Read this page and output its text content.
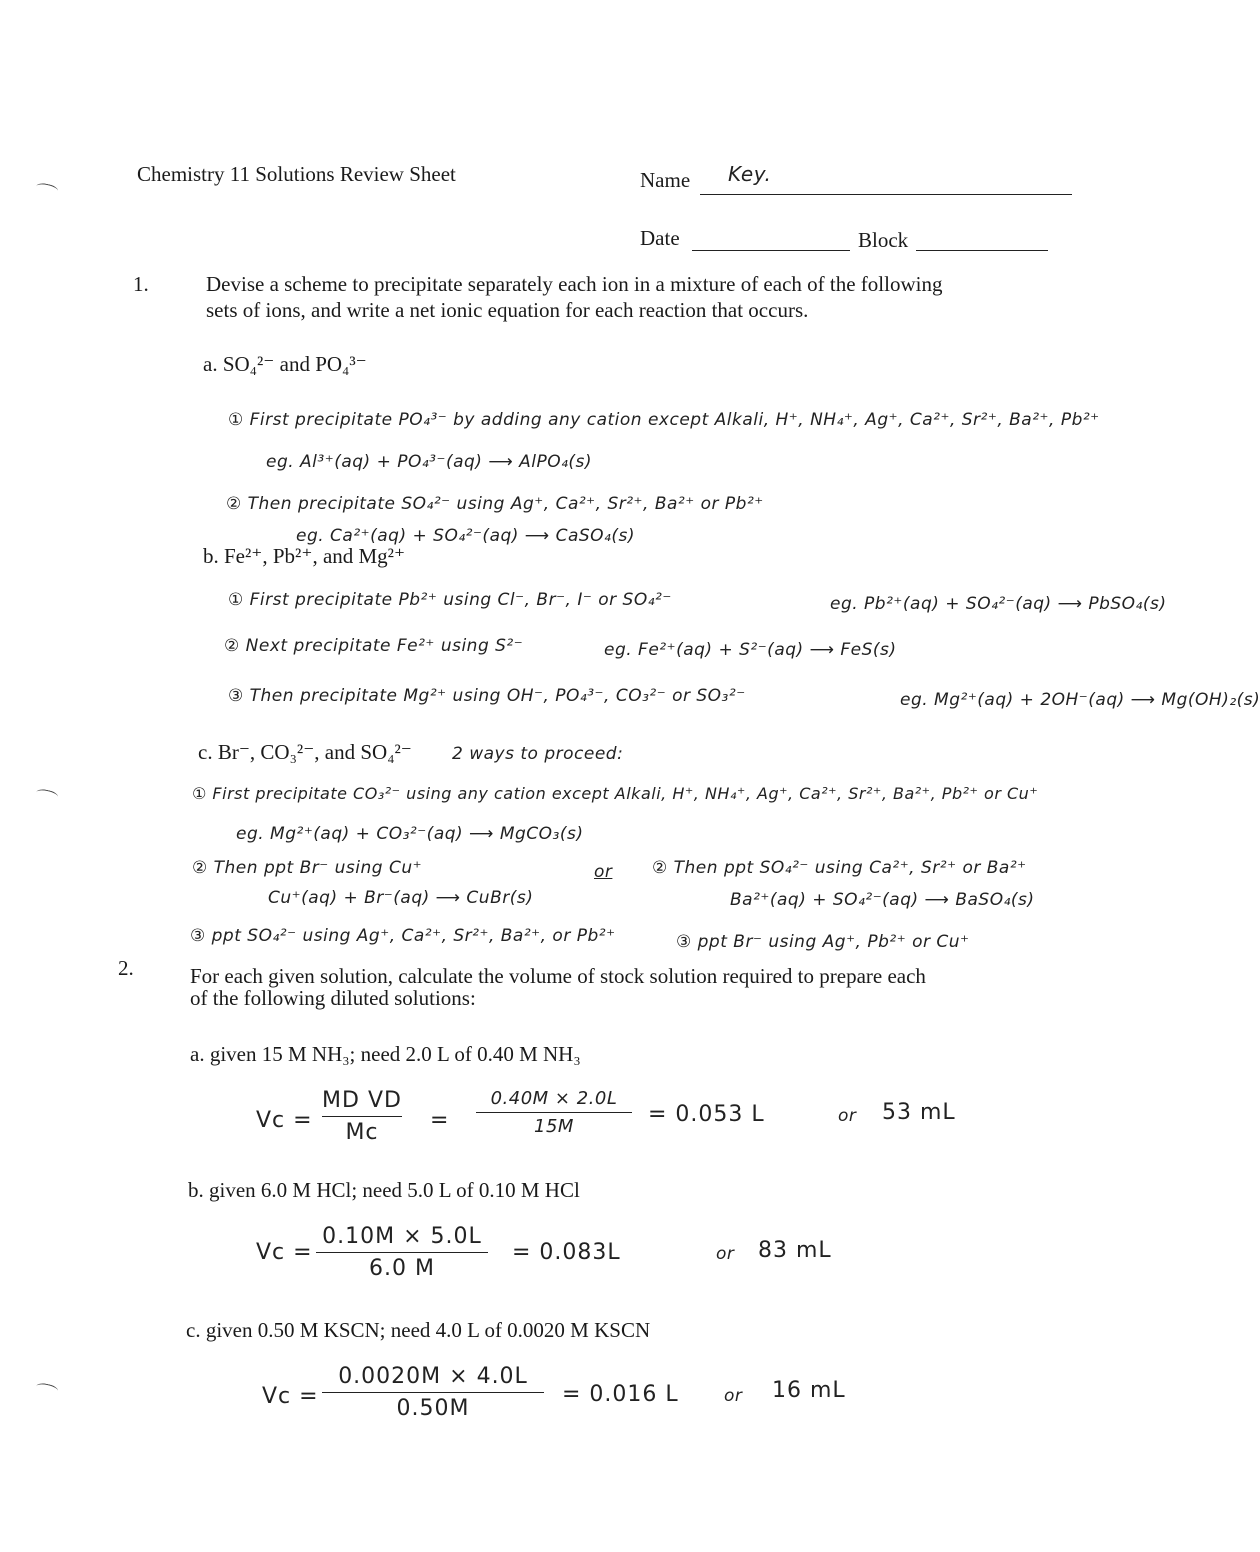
Chemistry 11 Solutions Review Sheet	Name Key.
Date	Block
1.	Devise a scheme to precipitate separately each ion in a mixture of each of the following
sets of ions, and write a net ionic equation for each reaction that occurs.
a. SO₄²⁻ and PO₄³⁻
① First precipitate PO₄³⁻ by adding any cation except Alkali, H⁺, NH₄⁺, Ag⁺, Ca²⁺, Sr²⁺, Ba²⁺, Pb²⁺
eg. Al³⁺(aq) + PO₄³⁻(aq) ⟶ AlPO₄(s)
② Then precipitate SO₄²⁻ using Ag⁺, Ca²⁺, Sr²⁺, Ba²⁺ or Pb²⁺
eg. Ca²⁺(aq) + SO₄²⁻(aq) ⟶ CaSO₄(s)
b. Fe²⁺, Pb²⁺, and Mg²⁺
① First precipitate Pb²⁺ using Cl⁻, Br⁻, I⁻ or SO₄²⁻	eg. Pb²⁺(aq) + SO₄²⁻(aq) ⟶ PbSO₄(s)
② Next precipitate Fe²⁺ using S²⁻	eg. Fe²⁺(aq) + S²⁻(aq) ⟶ FeS(s)
③ Then precipitate Mg²⁺ using OH⁻, PO₄³⁻, CO₃²⁻ or SO₃²⁻	eg. Mg²⁺(aq) + 2OH⁻(aq) ⟶ Mg(OH)₂(s)
c. Br⁻, CO₃²⁻, and SO₄²⁻ 2 ways to proceed:
① First precipitate CO₃²⁻ using any cation except Alkali, H⁺, NH₄⁺, Ag⁺, Ca²⁺, Sr²⁺, Ba²⁺, Pb²⁺ or Cu⁺
eg. Mg²⁺(aq) + CO₃²⁻(aq) ⟶ MgCO₃(s)
② Then ppt Br⁻ using Cu⁺
Cu⁺(aq) + Br⁻(aq) ⟶ CuBr(s)
or ② Then ppt SO₄²⁻ using Ca²⁺, Sr²⁺ or Ba²⁺
Ba²⁺(aq) + SO₄²⁻(aq) ⟶ BaSO₄(s)
③ ppt SO₄²⁻ using Ag⁺, Ca²⁺, Sr²⁺, Ba²⁺, or Pb²⁺	③ ppt Br⁻ using Ag⁺, Pb²⁺ or Cu⁺
2.	For each given solution, calculate the volume of stock solution required to prepare each
of the following diluted solutions:
a. given 15 M NH₃; need 2.0 L of 0.40 M NH₃
Vc =
MD VD
Mc	=
0.40M × 2.0L
15M	= 0.053 L	or 53 mL
b. given 6.0 M HCl; need 5.0 L of 0.10 M HCl
Vc =
0.10M × 5.0L
6.0 M
= 0.083L	or 83 mL
c. given 0.50 M KSCN; need 4.0 L of 0.0020 M KSCN
Vc =
0.0020M × 4.0L
0.50M
= 0.016 L	or 16 mL
